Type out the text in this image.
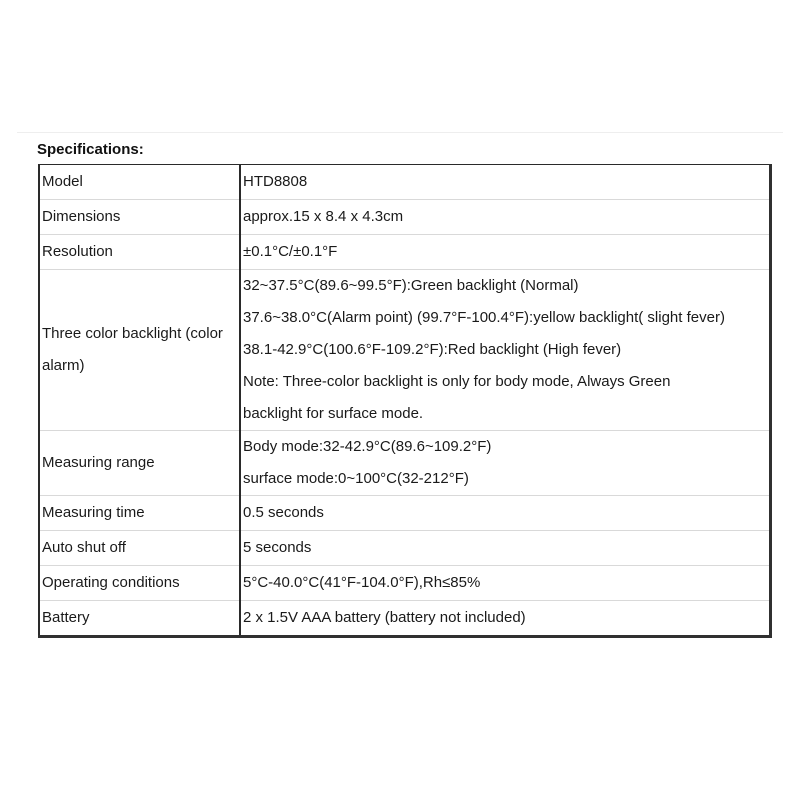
Specifications:
Model	HTD8808

Dimensions	approx.15 x 8.4 x 4.3cm

Resolution	±0.1°C/±0.1°F

Three color backlight (color alarm)	32~37.5°C(89.6~99.5°F):Green backlight (Normal)
37.6~38.0°C(Alarm point) (99.7°F-100.4°F):yellow backlight( slight fever)
38.1-42.9°C(100.6°F-109.2°F):Red backlight (High fever)
Note: Three-color backlight is only for body mode, Always Green
backlight for surface mode.

Measuring range	Body mode:32-42.9°C(89.6~109.2°F)
surface mode:0~100°C(32-212°F)

Measuring time	0.5 seconds

Auto shut off	5 seconds

Operating conditions	5°C-40.0°C(41°F-104.0°F),Rh≤85%

Battery	2 x 1.5V AAA battery (battery not included)
